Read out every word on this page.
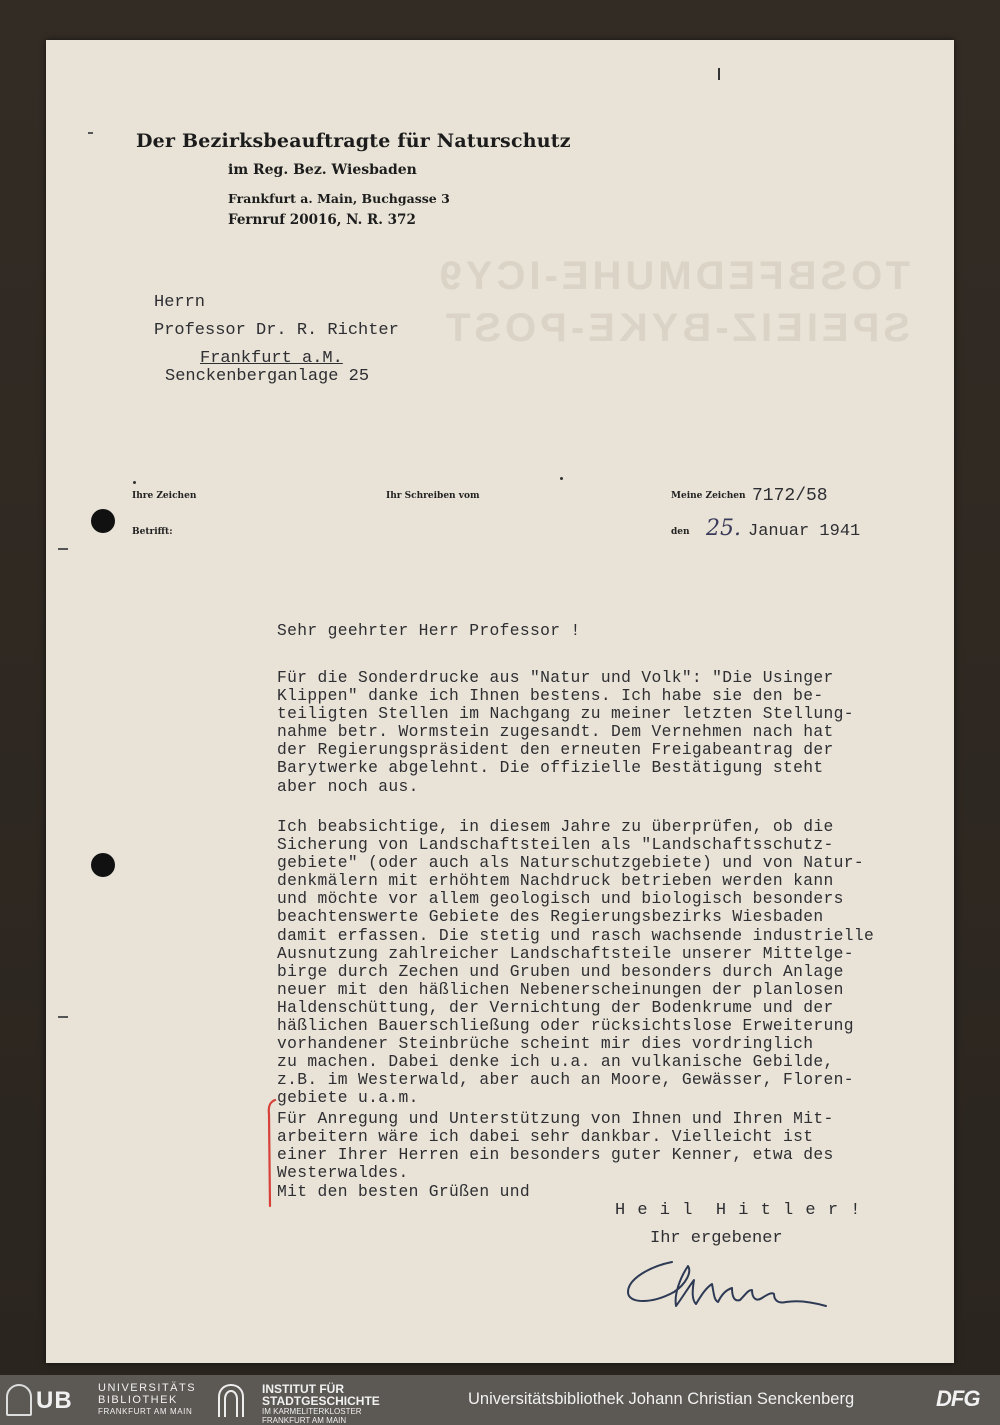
TOSBFEDMUHE-ICY9
SPEIEIZ-BYKE-POST
Der Bezirksbeauftragte für Naturschutz
im Reg. Bez. Wiesbaden
Frankfurt a. Main, Buchgasse 3
Fernruf 20016, N. R. 372
Herrn
Professor Dr. R. Richter
Frankfurt a.M.
Senckenberganlage 25
Ihre Zeichen	Ihr Schreiben vom	Meine Zeichen 7172/58
Betrifft:	den 25. Januar 1941
Sehr geehrter Herr Professor !
Für die Sonderdrucke aus "Natur und Volk": "Die Usinger
Klippen" danke ich Ihnen bestens. Ich habe sie den be-
teiligten Stellen im Nachgang zu meiner letzten Stellung-
nahme betr. Wormstein zugesandt. Dem Vernehmen nach hat
der Regierungspräsident den erneuten Freigabeantrag der
Barytwerke abgelehnt. Die offizielle Bestätigung steht
aber noch aus.
Ich beabsichtige, in diesem Jahre zu überprüfen, ob die
Sicherung von Landschaftsteilen als "Landschaftsschutz-
gebiete" (oder auch als Naturschutzgebiete) und von Natur-
denkmälern mit erhöhtem Nachdruck betrieben werden kann
und möchte vor allem geologisch und biologisch besonders
beachtenswerte Gebiete des Regierungsbezirks Wiesbaden
damit erfassen. Die stetig und rasch wachsende industrielle
Ausnutzung zahlreicher Landschaftsteile unserer Mittelge-
birge durch Zechen und Gruben und besonders durch Anlage
neuer mit den häßlichen Nebenerscheinungen der planlosen
Haldenschüttung, der Vernichtung der Bodenkrume und der
häßlichen Bauerschließung oder rücksichtslose Erweiterung
vorhandener Steinbrüche scheint mir dies vordringlich
zu machen. Dabei denke ich u.a. an vulkanische Gebilde,
z.B. im Westerwald, aber auch an Moore, Gewässer, Floren-
gebiete u.a.m.
Für Anregung und Unterstützung von Ihnen und Ihren Mit-
arbeitern wäre ich dabei sehr dankbar. Vielleicht ist
einer Ihrer Herren ein besonders guter Kenner, etwa des
Westerwaldes.
Mit den besten Grüßen und
H e i l  H i t l e r !
Ihr ergebener
UB UNIVERSITÄTS
BIBLIOTHEK
FRANKFURT AM MAIN
INSTITUT FÜR
STADTGESCHICHTE
IM KARMELITERKLOSTER
FRANKFURT AM MAIN
Universitätsbibliothek Johann Christian Senckenberg	DFG
